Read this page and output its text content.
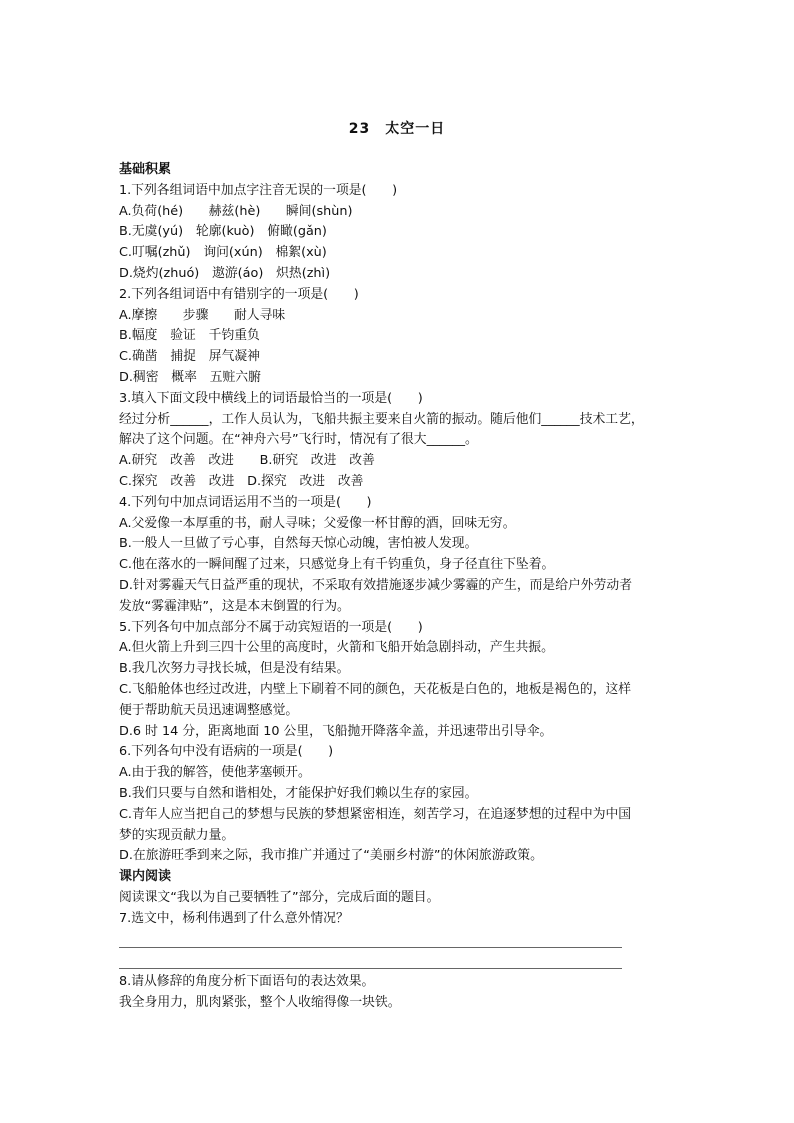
23　太空一日
基础积累
1.下列各组词语中加点字注音无误的一项是(　　)
A.负荷(hé)　　赫兹(hè)　　瞬间(shùn)
B.无虞(yú)　轮廓(kuò)　俯瞰(gǎn)
C.叮嘱(zhǔ)　询问(xún)　棉絮(xù)
D.烧灼(zhuó)　遨游(áo)　炽热(zhì)
2.下列各组词语中有错别字的一项是(　　)
A.摩擦　　步骤　　耐人寻味
B.幅度　验证　千钧重负
C.确凿　捕捉　屏气凝神
D.稠密　概率　五赃六腑
3.填入下面文段中横线上的词语最恰当的一项是(　　)
经过分析______，工作人员认为，飞船共振主要来自火箭的振动。随后他们______技术工艺，
解决了这个问题。在“神舟六号”飞行时，情况有了很大______。
A.研究　改善　改进　　B.研究　改进　改善
C.探究　改善　改进　D.探究　改进　改善
4.下列句中加点词语运用不当的一项是(　　)
A.父爱像一本厚重的书，耐人寻味；父爱像一杯甘醇的酒，回味无穷。
B.一般人一旦做了亏心事，自然每天惊心动魄，害怕被人发现。
C.他在落水的一瞬间醒了过来，只感觉身上有千钧重负，身子径直往下坠着。
D.针对雾霾天气日益严重的现状，不采取有效措施逐步减少雾霾的产生，而是给户外劳动者
发放“雾霾津贴”，这是本末倒置的行为。
5.下列各句中加点部分不属于动宾短语的一项是(　　)
A.但火箭上升到三四十公里的高度时，火箭和飞船开始急剧抖动，产生共振。
B.我几次努力寻找长城，但是没有结果。
C.飞船舱体也经过改进，内壁上下刷着不同的颜色，天花板是白色的，地板是褐色的，这样
便于帮助航天员迅速调整感觉。
D.6 时 14 分，距离地面 10 公里，飞船抛开降落伞盖，并迅速带出引导伞。
6.下列各句中没有语病的一项是(　　)
A.由于我的解答，使他茅塞顿开。
B.我们只要与自然和谐相处，才能保护好我们赖以生存的家园。
C.青年人应当把自己的梦想与民族的梦想紧密相连，刻苦学习，在追逐梦想的过程中为中国
梦的实现贡献力量。
D.在旅游旺季到来之际，我市推广并通过了“美丽乡村游”的休闲旅游政策。
课内阅读
阅读课文“我以为自己要牺牲了”部分，完成后面的题目。
7.选文中，杨利伟遇到了什么意外情况？
8.请从修辞的角度分析下面语句的表达效果。
我全身用力，肌肉紧张，整个人收缩得像一块铁。
